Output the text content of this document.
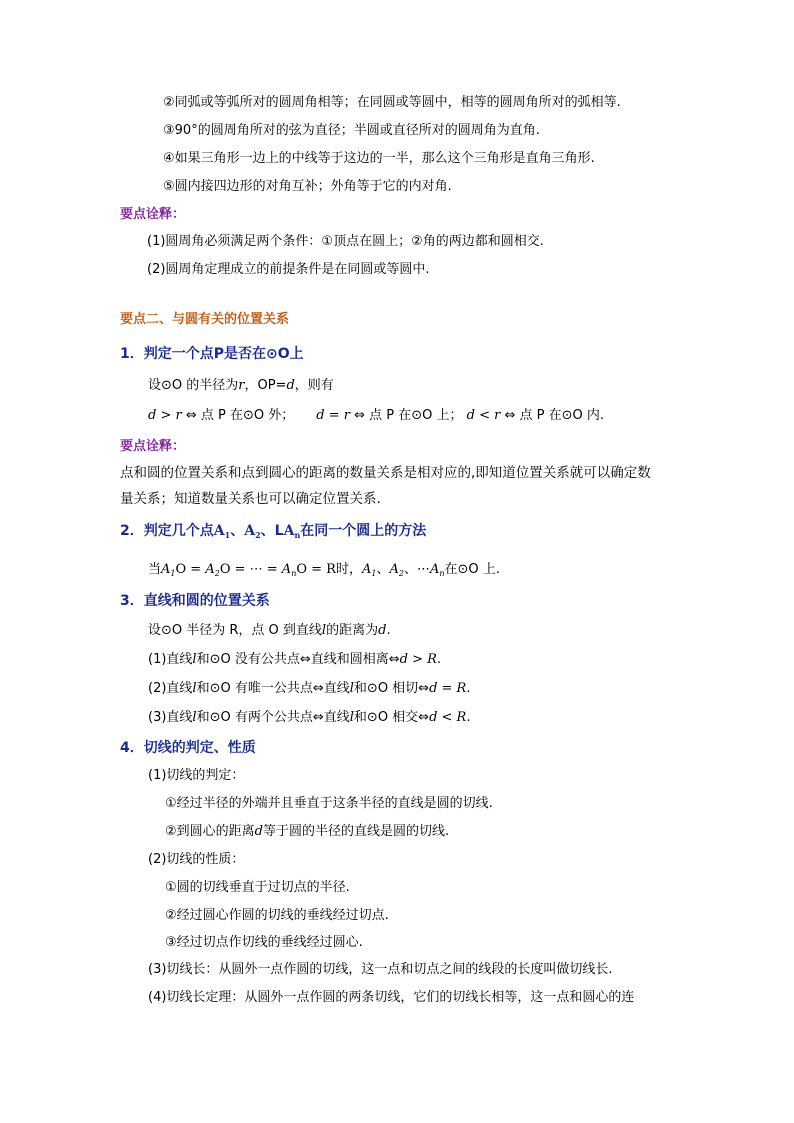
②同弧或等弧所对的圆周角相等；在同圆或等圆中，相等的圆周角所对的弧相等.
③90°的圆周角所对的弦为直径；半圆或直径所对的圆周角为直角.
④如果三角形一边上的中线等于这边的一半，那么这个三角形是直角三角形.
⑤圆内接四边形的对角互补；外角等于它的内对角.
要点诠释：
(1)圆周角必须满足两个条件：①顶点在圆上；②角的两边都和圆相交.
(2)圆周角定理成立的前提条件是在同圆或等圆中.
要点二、与圆有关的位置关系
1．判定一个点P是否在⊙O上
设⊙O 的半径为r，OP=d，则有
d > r ⇔ 点 P 在⊙O 外； d = r ⇔ 点 P 在⊙O 上； d < r ⇔ 点 P 在⊙O 内.
要点诠释：
点和圆的位置关系和点到圆心的距离的数量关系是相对应的,即知道位置关系就可以确定数
量关系；知道数量关系也可以确定位置关系.
2．判定几个点$A_1$、$A_2$、$LA_n$在同一个圆上的方法
当$A_1O = A_2O$ = ⋯ = $A_nO = R$时，$A_1$、$A_2$、$\cdots A_n$在⊙O 上.
3．直线和圆的位置关系
设⊙O 半径为 R，点 O 到直线l的距离为d.
(1)直线l和⊙O 没有公共点⇔直线和圆相离⇔d > R.
(2)直线l和⊙O 有唯一公共点⇔直线l和⊙O 相切⇔d = R.
(3)直线l和⊙O 有两个公共点⇔直线l和⊙O 相交⇔d < R.
4．切线的判定、性质
(1)切线的判定：
①经过半径的外端并且垂直于这条半径的直线是圆的切线.
②到圆心的距离d等于圆的半径的直线是圆的切线.
(2)切线的性质：
①圆的切线垂直于过切点的半径.
②经过圆心作圆的切线的垂线经过切点.
③经过切点作切线的垂线经过圆心.
(3)切线长：从圆外一点作圆的切线，这一点和切点之间的线段的长度叫做切线长.
(4)切线长定理：从圆外一点作圆的两条切线，它们的切线长相等，这一点和圆心的连
